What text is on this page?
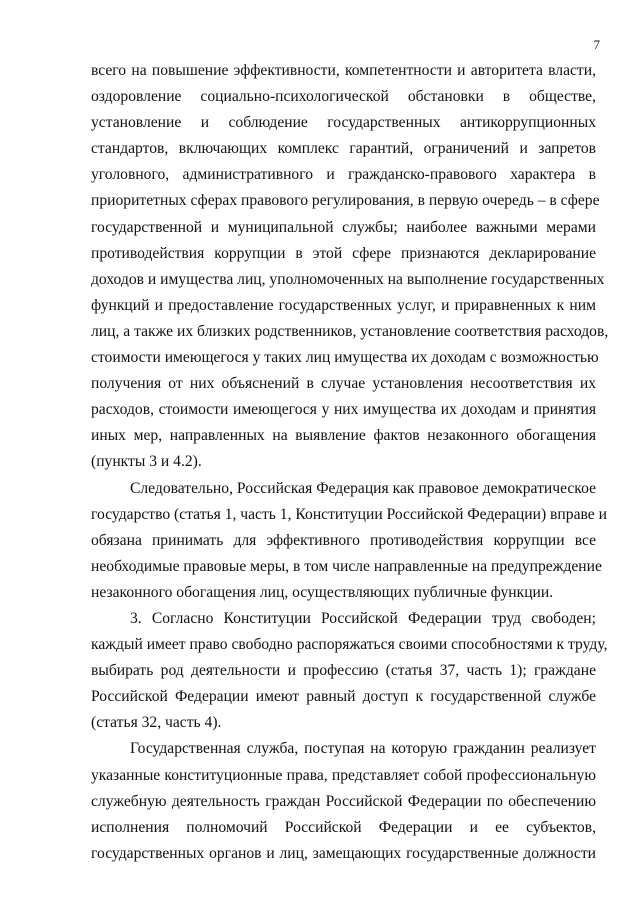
7

всего на повышение эффективности, компетентности и авторитета власти,
оздоровление социально-психологической обстановки в обществе,
установление и соблюдение государственных антикоррупционных
стандартов, включающих комплекс гарантий, ограничений и запретов
уголовного, административного и гражданско-правового характера в
приоритетных сферах правового регулирования, в первую очередь – в сфере
государственной и муниципальной службы; наиболее важными мерами
противодействия коррупции в этой сфере признаются декларирование
доходов и имущества лиц, уполномоченных на выполнение государственных
функций и предоставление государственных услуг, и приравненных к ним
лиц, а также их близких родственников, установление соответствия расходов,
стоимости имеющегося у таких лиц имущества их доходам с возможностью
получения от них объяснений в случае установления несоответствия их
расходов, стоимости имеющегося у них имущества их доходам и принятия
иных мер, направленных на выявление фактов незаконного обогащения
(пункты 3 и 4.2).

Следовательно, Российская Федерация как правовое демократическое
государство (статья 1, часть 1, Конституции Российской Федерации) вправе и
обязана принимать для эффективного противодействия коррупции все
необходимые правовые меры, в том числе направленные на предупреждение
незаконного обогащения лиц, осуществляющих публичные функции.

3. Согласно Конституции Российской Федерации труд свободен;
каждый имеет право свободно распоряжаться своими способностями к труду,
выбирать род деятельности и профессию (статья 37, часть 1); граждане
Российской Федерации имеют равный доступ к государственной службе
(статья 32, часть 4).

Государственная служба, поступая на которую гражданин реализует
указанные конституционные права, представляет собой профессиональную
служебную деятельность граждан Российской Федерации по обеспечению
исполнения полномочий Российской Федерации и ее субъектов,
государственных органов и лиц, замещающих государственные должности
